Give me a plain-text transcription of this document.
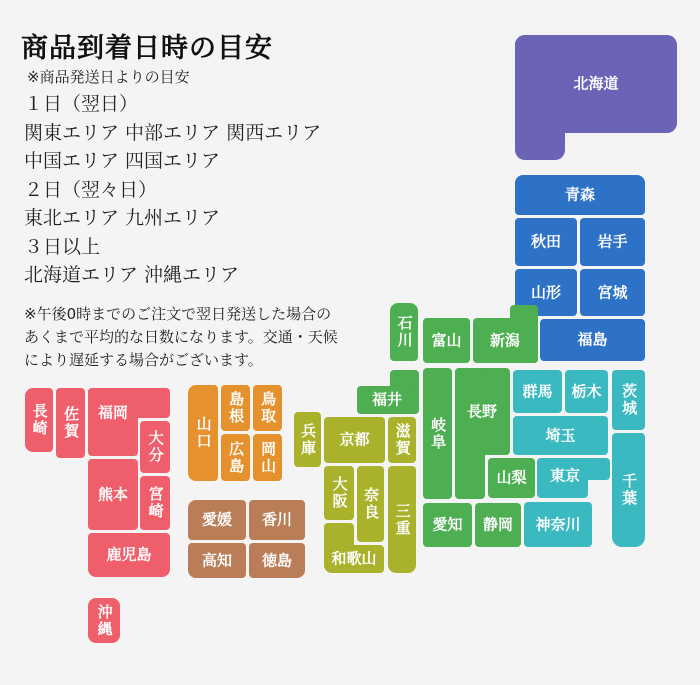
商品到着日時の目安
※商品発送日よりの目安
１日（翌日）
関東エリア 中部エリア 関西エリア
中国エリア 四国エリア
２日（翌々日）
東北エリア 九州エリア
３日以上
北海道エリア 沖縄エリア
※午後0時までのご注文で翌日発送した場合の
あくまで平均的な日数になります。交通・天候
により遅延する場合がございます。
北海道
青森
秋田 岩手
山形 宮城
福島
石川 富山 新潟
福井
岐阜
長野
山梨
愛知 静岡
群馬 栃木 茨城
埼玉
東京	千葉
神奈川
兵庫 京都 滋賀
大阪 奈良 三重
和歌山
山口
島根 鳥取
広島 岡山
愛媛 香川
高知 徳島
長崎 佐賀 福岡
大分
熊本 宮崎
鹿児島
沖縄
